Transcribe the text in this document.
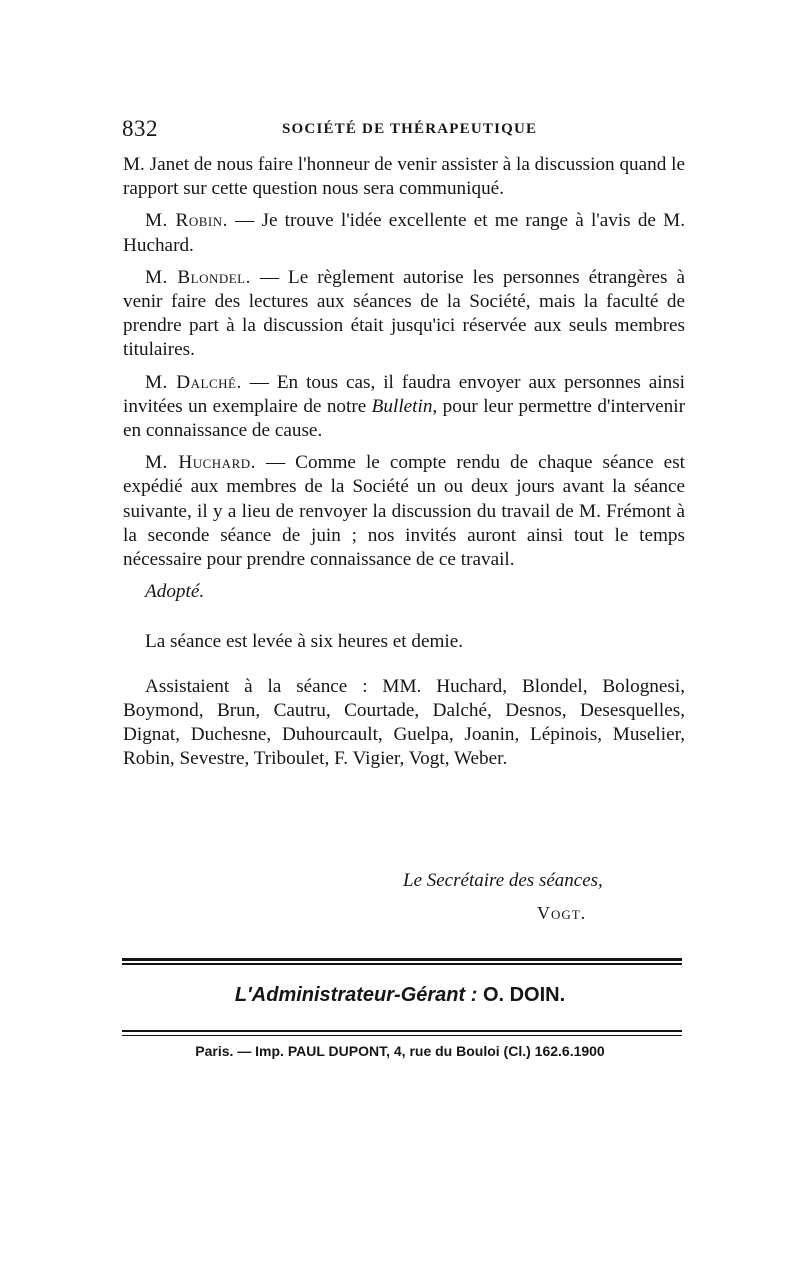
832	SOCIÉTÉ DE THÉRAPEUTIQUE

M. Janet de nous faire l'honneur de venir assister à la discussion quand le rapport sur cette question nous sera communiqué.

M. Robin. — Je trouve l'idée excellente et me range à l'avis de M. Huchard.

M. Blondel. — Le règlement autorise les personnes étrangères à venir faire des lectures aux séances de la Société, mais la faculté de prendre part à la discussion était jusqu'ici réservée aux seuls membres titulaires.

M. Dalché. — En tous cas, il faudra envoyer aux personnes ainsi invitées un exemplaire de notre Bulletin, pour leur permettre d'intervenir en connaissance de cause.

M. Huchard. — Comme le compte rendu de chaque séance est expédié aux membres de la Société un ou deux jours avant la séance suivante, il y a lieu de renvoyer la discussion du travail de M. Frémont à la seconde séance de juin ; nos invités auront ainsi tout le temps nécessaire pour prendre connaissance de ce travail.

Adopté.

La séance est levée à six heures et demie.

Assistaient à la séance : MM. Huchard, Blondel, Bolognesi, Boymond, Brun, Cautru, Courtade, Dalché, Desnos, Desesquelles, Dignat, Duchesne, Duhourcault, Guelpa, Joanin, Lépinois, Muselier, Robin, Sevestre, Triboulet, F. Vigier, Vogt, Weber.

Le Secrétaire des séances,
Vogt.
L'Administrateur-Gérant : O. DOIN.
Paris. — Imp. PAUL DUPONT, 4, rue du Bouloi (Cl.) 162.6.1900
